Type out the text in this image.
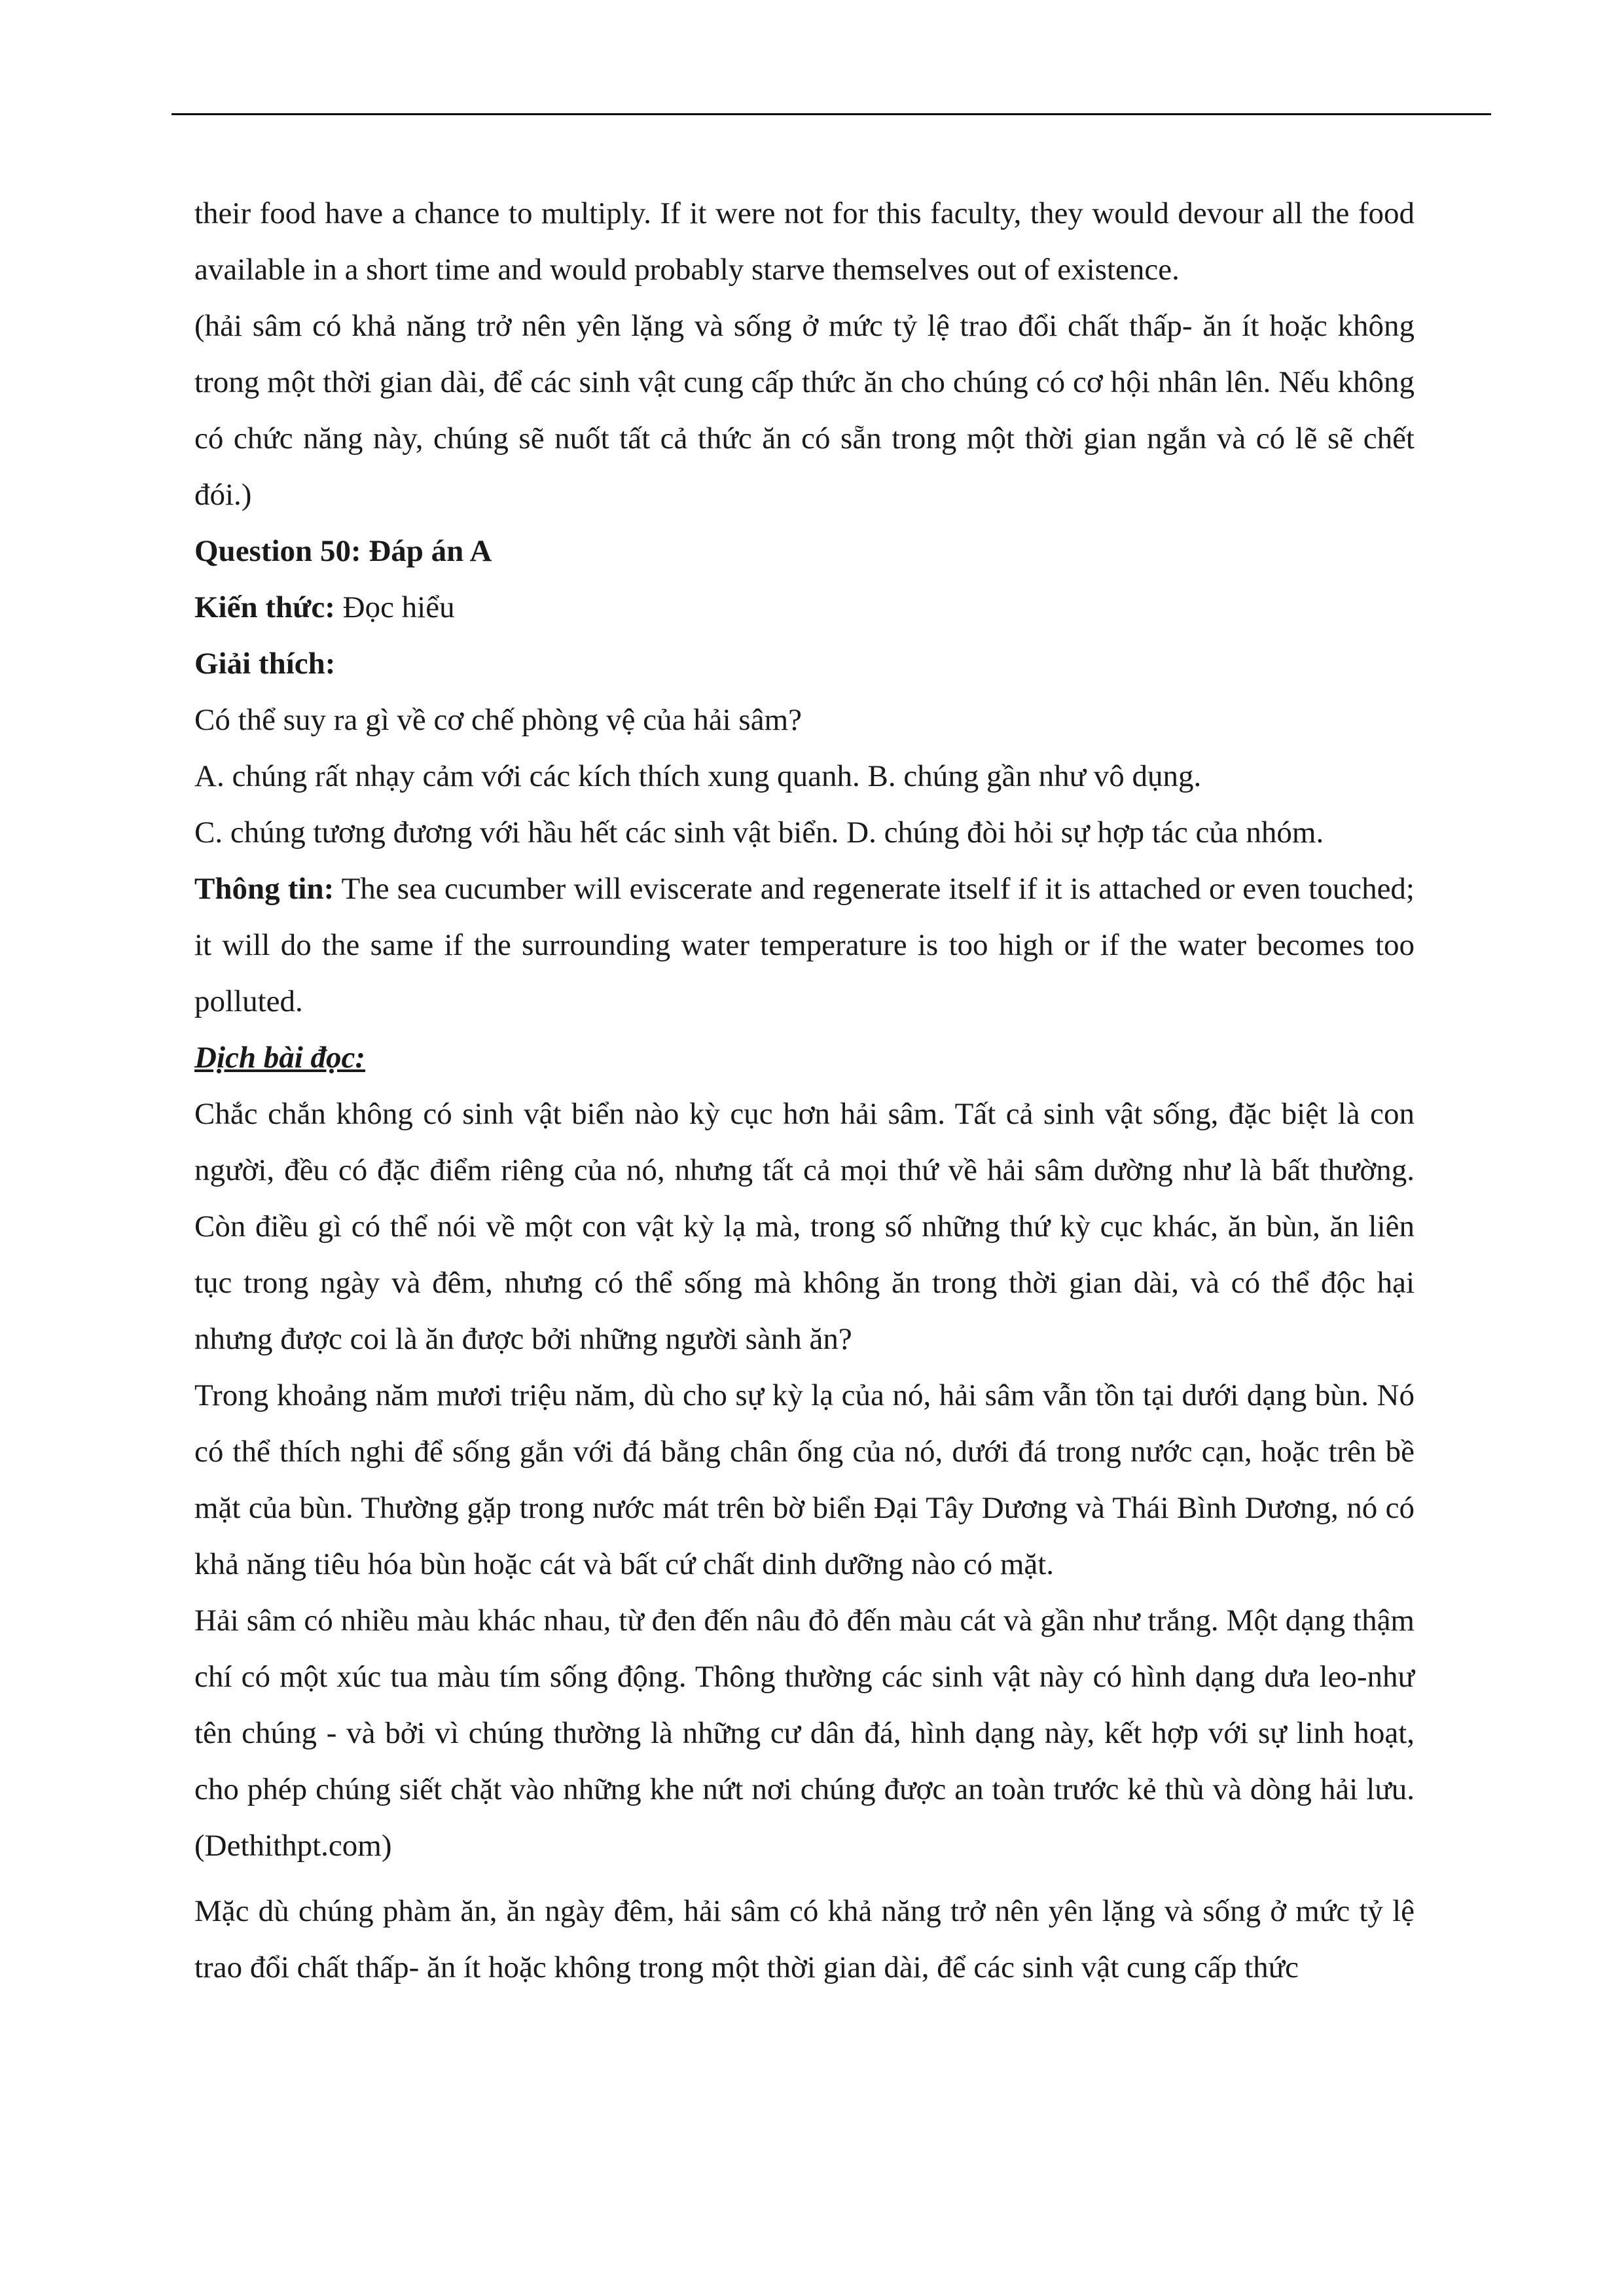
their food have a chance to multiply. If it were not for this faculty, they would devour all the food available in a short time and would probably starve themselves out of existence.

(hải sâm có khả năng trở nên yên lặng và sống ở mức tỷ lệ trao đổi chất thấp- ăn ít hoặc không trong một thời gian dài, để các sinh vật cung cấp thức ăn cho chúng có cơ hội nhân lên. Nếu không có chức năng này, chúng sẽ nuốt tất cả thức ăn có sẵn trong một thời gian ngắn và có lẽ sẽ chết đói.)

Question 50: Đáp án A

Kiến thức: Đọc hiểu

Giải thích:

Có thể suy ra gì về cơ chế phòng vệ của hải sâm?

A. chúng rất nhạy cảm với các kích thích xung quanh. B. chúng gần như vô dụng.

C. chúng tương đương với hầu hết các sinh vật biển. D. chúng đòi hỏi sự hợp tác của nhóm.

Thông tin: The sea cucumber will eviscerate and regenerate itself if it is attached or even touched; it will do the same if the surrounding water temperature is too high or if the water becomes too polluted.

Dịch bài đọc:

Chắc chắn không có sinh vật biển nào kỳ cục hơn hải sâm. Tất cả sinh vật sống, đặc biệt là con người, đều có đặc điểm riêng của nó, nhưng tất cả mọi thứ về hải sâm dường như là bất thường. Còn điều gì có thể nói về một con vật kỳ lạ mà, trong số những thứ kỳ cục khác, ăn bùn, ăn liên tục trong ngày và đêm, nhưng có thể sống mà không ăn trong thời gian dài, và có thể độc hại nhưng được coi là ăn được bởi những người sành ăn?

Trong khoảng năm mươi triệu năm, dù cho sự kỳ lạ của nó, hải sâm vẫn tồn tại dưới dạng bùn. Nó có thể thích nghi để sống gắn với đá bằng chân ống của nó, dưới đá trong nước cạn, hoặc trên bề mặt của bùn. Thường gặp trong nước mát trên bờ biển Đại Tây Dương và Thái Bình Dương, nó có khả năng tiêu hóa bùn hoặc cát và bất cứ chất dinh dưỡng nào có mặt.

Hải sâm có nhiều màu khác nhau, từ đen đến nâu đỏ đến màu cát và gần như trắng. Một dạng thậm chí có một xúc tua màu tím sống động. Thông thường các sinh vật này có hình dạng dưa leo-như tên chúng - và bởi vì chúng thường là những cư dân đá, hình dạng này, kết hợp với sự linh hoạt, cho phép chúng siết chặt vào những khe nứt nơi chúng được an toàn trước kẻ thù và dòng hải lưu. (Dethithpt.com)

Mặc dù chúng phàm ăn, ăn ngày đêm, hải sâm có khả năng trở nên yên lặng và sống ở mức tỷ lệ trao đổi chất thấp- ăn ít hoặc không trong một thời gian dài, để các sinh vật cung cấp thức
